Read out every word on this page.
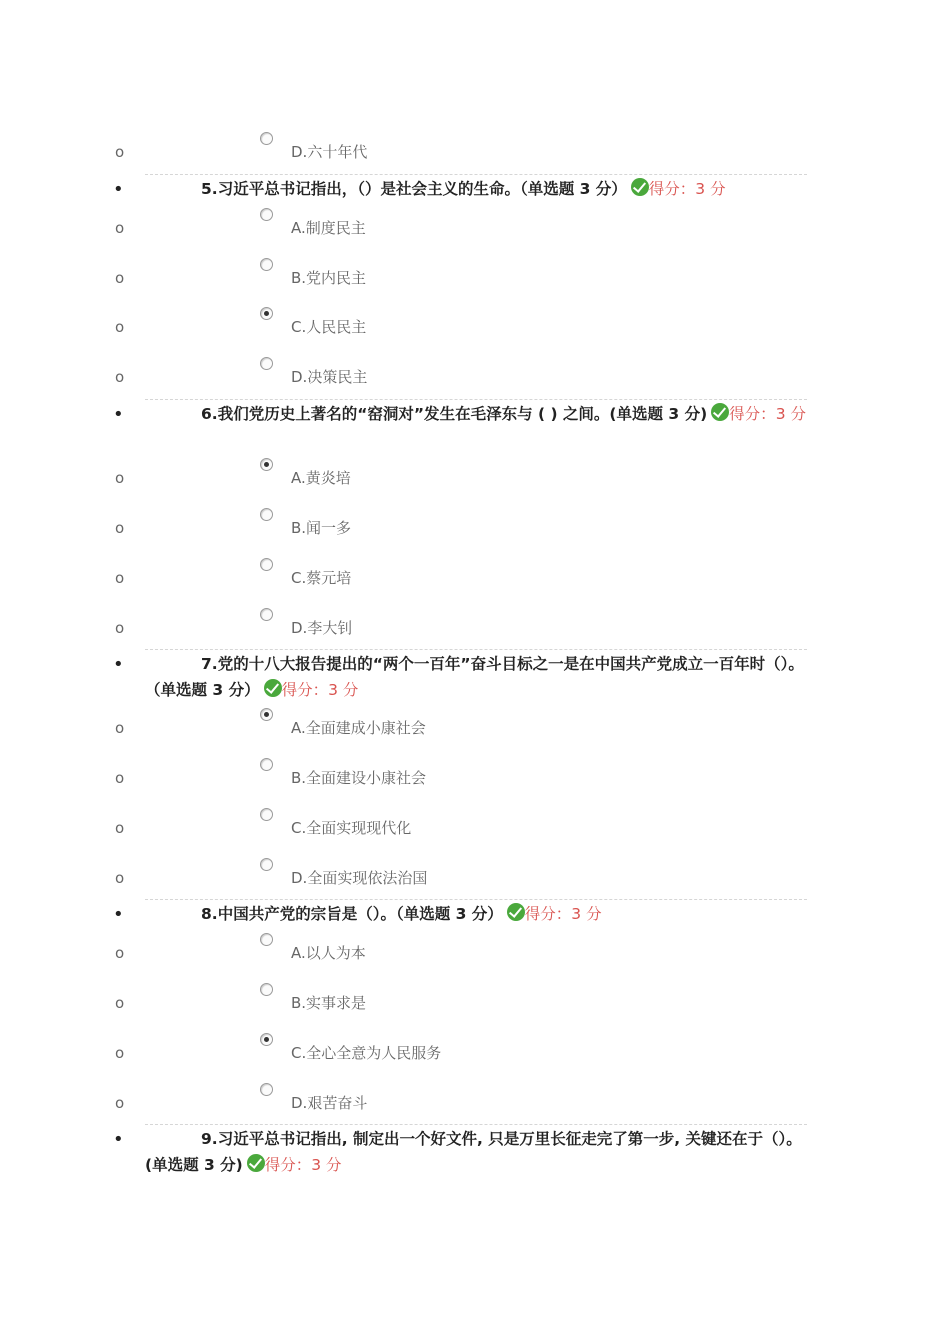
o	D.六十年代
•	5.习近平总书记指出，（）是社会主义的生命。（单选题 3 分） 得分：3 分
o	A.制度民主
o	B.党内民主
o	C.人民民主
o	D.决策民主
•	6.我们党历史上著名的“窑洞对”发生在毛泽东与 ( ) 之间。(单选题 3 分) 得分：3 分
o	A.黄炎培
o	B.闻一多
o	C.蔡元培
o	D.李大钊
•	7.党的十八大报告提出的“两个一百年”奋斗目标之一是在中国共产党成立一百年时（）。（单选题 3 分） 得分：3 分
o	A.全面建成小康社会
o	B.全面建设小康社会
o	C.全面实现现代化
o	D.全面实现依法治国
•	8.中国共产党的宗旨是（）。（单选题 3 分） 得分：3 分
o	A.以人为本
o	B.实事求是
o	C.全心全意为人民服务
o	D.艰苦奋斗
•	9.习近平总书记指出, 制定出一个好文件, 只是万里长征走完了第一步, 关键还在于（）。(单选题 3 分) 得分：3 分
